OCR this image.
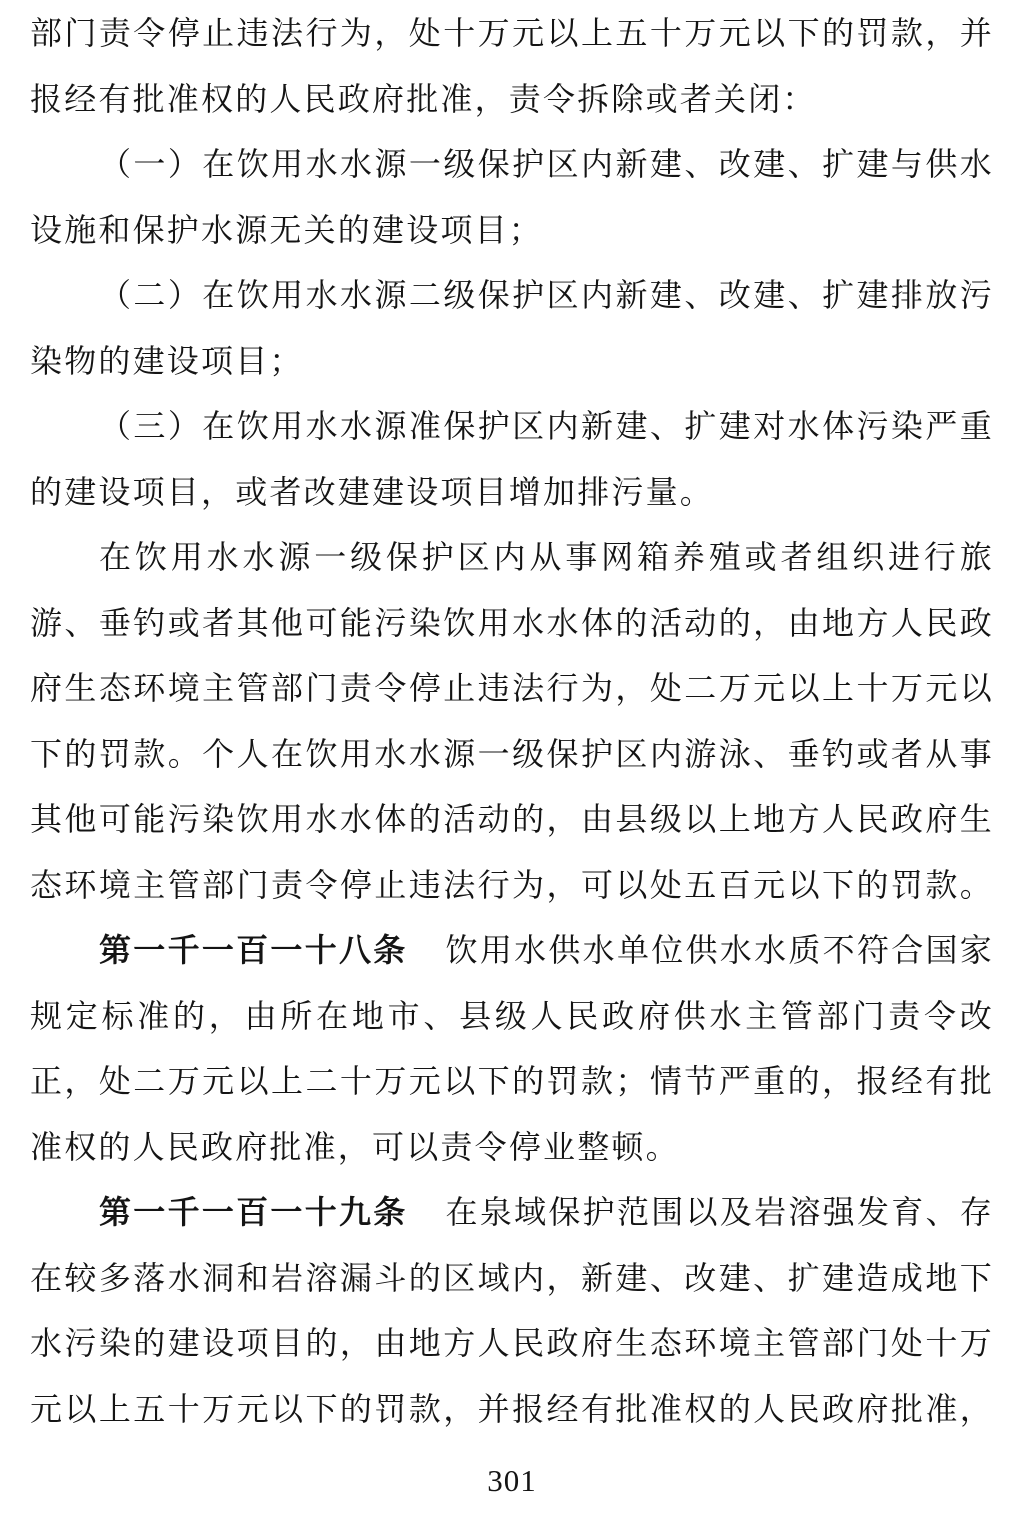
部门责令停止违法行为，处十万元以上五十万元以下的罚款，并
报经有批准权的人民政府批准，责令拆除或者关闭：
（一）在饮用水水源一级保护区内新建、改建、扩建与供水
设施和保护水源无关的建设项目；
（二）在饮用水水源二级保护区内新建、改建、扩建排放污
染物的建设项目；
（三）在饮用水水源准保护区内新建、扩建对水体污染严重
的建设项目，或者改建建设项目增加排污量。
在饮用水水源一级保护区内从事网箱养殖或者组织进行旅
游、垂钓或者其他可能污染饮用水水体的活动的，由地方人民政
府生态环境主管部门责令停止违法行为，处二万元以上十万元以
下的罚款。个人在饮用水水源一级保护区内游泳、垂钓或者从事
其他可能污染饮用水水体的活动的，由县级以上地方人民政府生
态环境主管部门责令停止违法行为，可以处五百元以下的罚款。
第一千一百一十八条 饮用水供水单位供水水质不符合国家
规定标准的，由所在地市、县级人民政府供水主管部门责令改
正，处二万元以上二十万元以下的罚款；情节严重的，报经有批
准权的人民政府批准，可以责令停业整顿。
第一千一百一十九条 在泉域保护范围以及岩溶强发育、存
在较多落水洞和岩溶漏斗的区域内，新建、改建、扩建造成地下
水污染的建设项目的，由地方人民政府生态环境主管部门处十万
元以上五十万元以下的罚款，并报经有批准权的人民政府批准，
301
